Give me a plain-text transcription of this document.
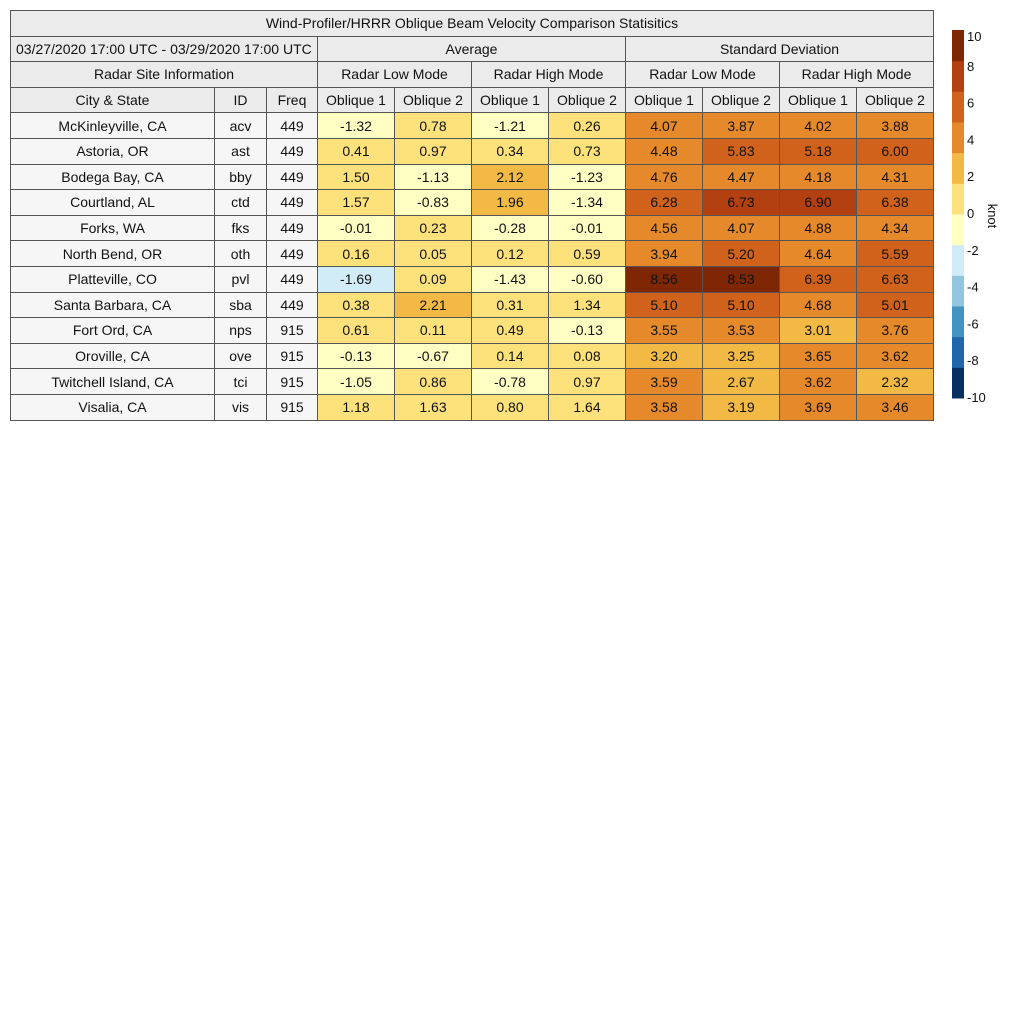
Wind-Profiler/HRRR Oblique Beam Velocity Comparison Statisitics										
03/27/2020 17:00 UTC - 03/29/2020 17:00 UTC			Average				Standard Deviation			
Radar Site Information			Radar Low Mode		Radar High Mode		Radar Low Mode		Radar High Mode	
City & State	ID	Freq	Oblique 1	Oblique 2	Oblique 1	Oblique 2	Oblique 1	Oblique 2	Oblique 1	Oblique 2
McKinleyville, CA	acv	449	-1.32	0.78	-1.21	0.26	4.07	3.87	4.02	3.88
Astoria, OR	ast	449	0.41	0.97	0.34	0.73	4.48	5.83	5.18	6.00
Bodega Bay, CA	bby	449	1.50	-1.13	2.12	-1.23	4.76	4.47	4.18	4.31
Courtland, AL	ctd	449	1.57	-0.83	1.96	-1.34	6.28	6.73	6.90	6.38
Forks, WA	fks	449	-0.01	0.23	-0.28	-0.01	4.56	4.07	4.88	4.34
North Bend, OR	oth	449	0.16	0.05	0.12	0.59	3.94	5.20	4.64	5.59
Platteville, CO	pvl	449	-1.69	0.09	-1.43	-0.60	8.56	8.53	6.39	6.63
Santa Barbara, CA	sba	449	0.38	2.21	0.31	1.34	5.10	5.10	4.68	5.01
Fort Ord, CA	nps	915	0.61	0.11	0.49	-0.13	3.55	3.53	3.01	3.76
Oroville, CA	ove	915	-0.13	-0.67	0.14	0.08	3.20	3.25	3.65	3.62
Twitchell Island, CA	tci	915	-1.05	0.86	-0.78	0.97	3.59	2.67	3.62	2.32
Visalia, CA	vis	915	1.18	1.63	0.80	1.64	3.58	3.19	3.69	3.46
10
8
6
4
2
0
-2
-4
-6
-8
-10
knot
